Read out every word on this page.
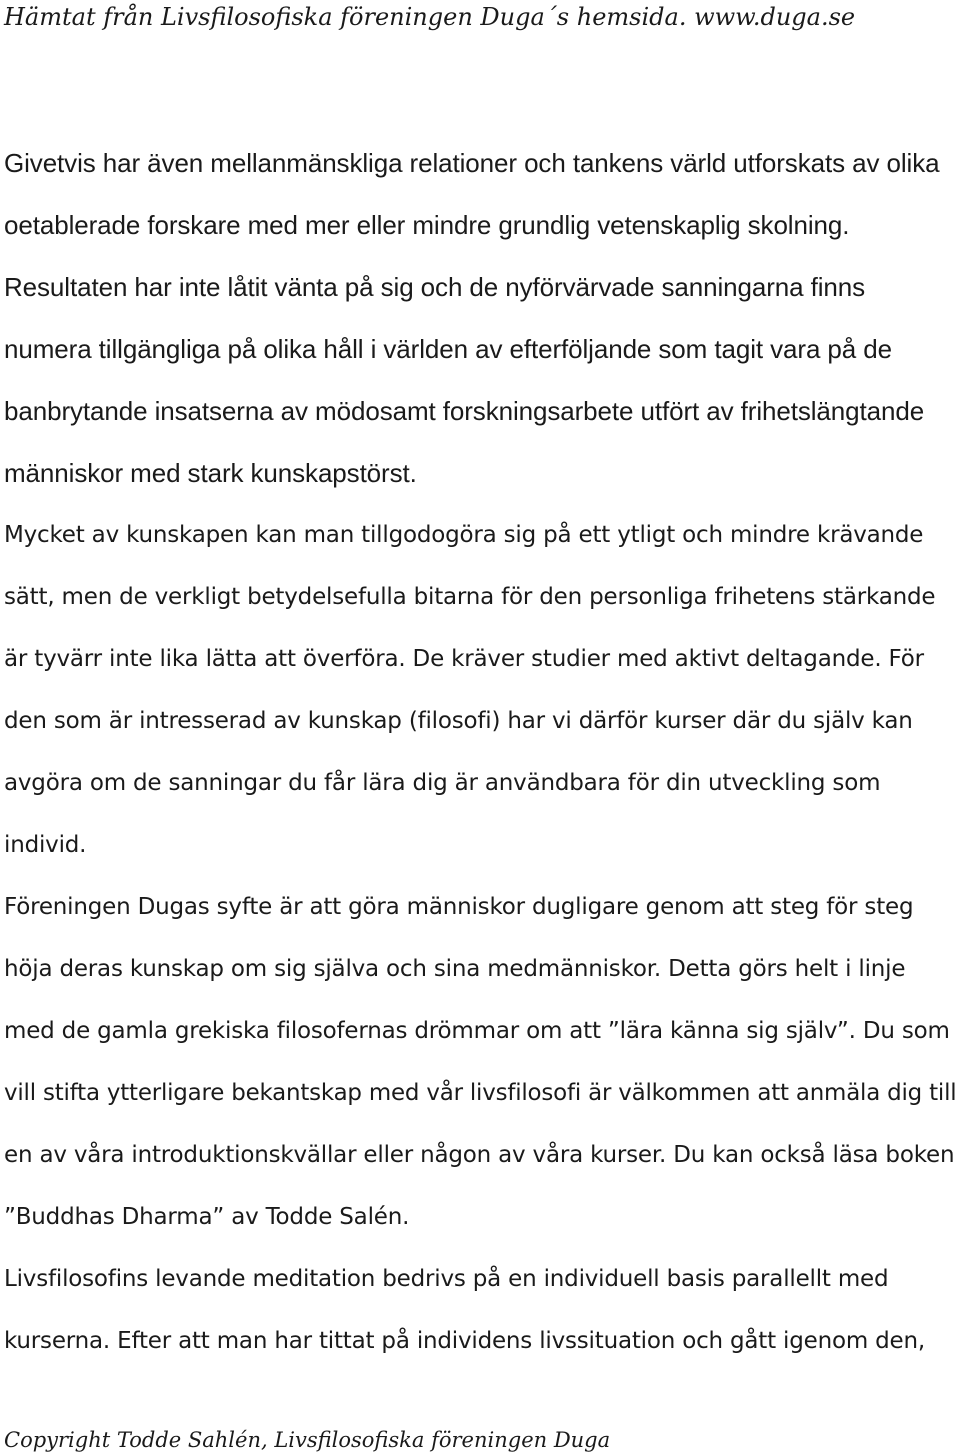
Hämtat från Livsfilosofiska föreningen Duga´s hemsida. www.duga.se
Givetvis har även mellanmänskliga relationer och tankens värld utforskats av olika
oetablerade forskare med mer eller mindre grundlig vetenskaplig skolning.
Resultaten har inte låtit vänta på sig och de nyförvärvade sanningarna finns
numera tillgängliga på olika håll i världen av efterföljande som tagit vara på de
banbrytande insatserna av mödosamt forskningsarbete utfört av frihetslängtande
människor med stark kunskapstörst.
Mycket av kunskapen kan man tillgodogöra sig på ett ytligt och mindre krävande
sätt, men de verkligt betydelsefulla bitarna för den personliga frihetens stärkande
är tyvärr inte lika lätta att överföra. De kräver studier med aktivt deltagande. För
den som är intresserad av kunskap (filosofi) har vi därför kurser där du själv kan
avgöra om de sanningar du får lära dig är användbara för din utveckling som
individ.
Föreningen Dugas syfte är att göra människor dugligare genom att steg för steg
höja deras kunskap om sig själva och sina medmänniskor. Detta görs helt i linje
med de gamla grekiska filosofernas drömmar om att ”lära känna sig själv”. Du som
vill stifta ytterligare bekantskap med vår livsfilosofi är välkommen att anmäla dig till
en av våra introduktionskvällar eller någon av våra kurser. Du kan också läsa boken
”Buddhas Dharma” av Todde Salén.
Livsfilosofins levande meditation bedrivs på en individuell basis parallellt med
kurserna. Efter att man har tittat på individens livssituation och gått igenom den,
Copyright Todde Sahlén, Livsfilosofiska föreningen Duga
